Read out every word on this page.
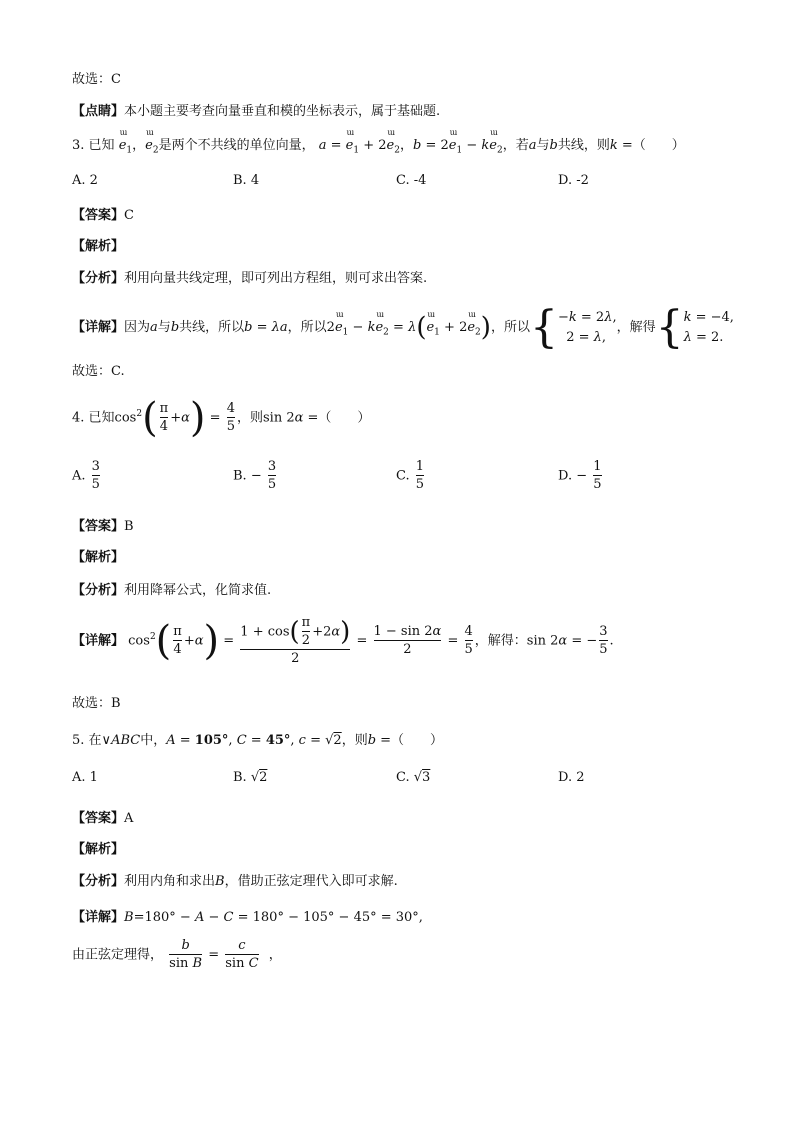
故选：C
【点睛】本小题主要考查向量垂直和模的坐标表示，属于基础题.
3. 已知 ɯ $e_1$，ɯ $e_2$是两个不共线的单位向量， a = ɯ $e_1$ + 2ɯ $e_2$，b = 2ɯ $e_1$ − kɯ $e_2$，若a与b共线，则k =（　　）
A. 2	B. 4	C. -4	D. -2
【答案】C
【解析】
【分析】利用向量共线定理，即可列出方程组，则可求出答案.
【详解】因为a与b共线，所以b = λa，所以2ɯ $e_1$ − kɯ $e_2$ = λ(ɯ $e_1$ + 2ɯ $e_2$)，所以{−k = 2λ,
2 = λ,，解得{k = −4,
λ = 2.
故选：C.
4. 已知$\cos^2( \frac{\pi}{4} +\alpha) = \frac{4}{5}$ ，则sin 2α =（　　）
A. $\frac{3}{5}$	B. − $\frac{3}{5}$	C. $\frac{1}{5}$	D. − $\frac{1}{5}$
【答案】B
【解析】
【分析】利用降幂公式，化简求值.
【详解】 $\cos^2( \frac{\pi}{4} +\alpha) = \frac{1 + \cos( \frac{\pi}{2} +2\alpha)}{2} = \frac{1 - \sin 2\alpha}{2} = \frac{4}{5}$ ，解得：sin 2α = − $\frac{3}{5}$ .
故选：B
5. 在∨ABC中，A = 105°, C = 45°, c = √2，则b =（　　）
A. 1	B. √2	C. √3	D. 2
【答案】A
【解析】
【分析】利用内角和求出B，借助正弦定理代入即可求解.
【详解】B=180° − A − C = 180° − 105° − 45° = 30°,
由正弦定理得， $\frac{b}{\text{sin B}} = \frac{c}{\text{sin C}}$ ，
